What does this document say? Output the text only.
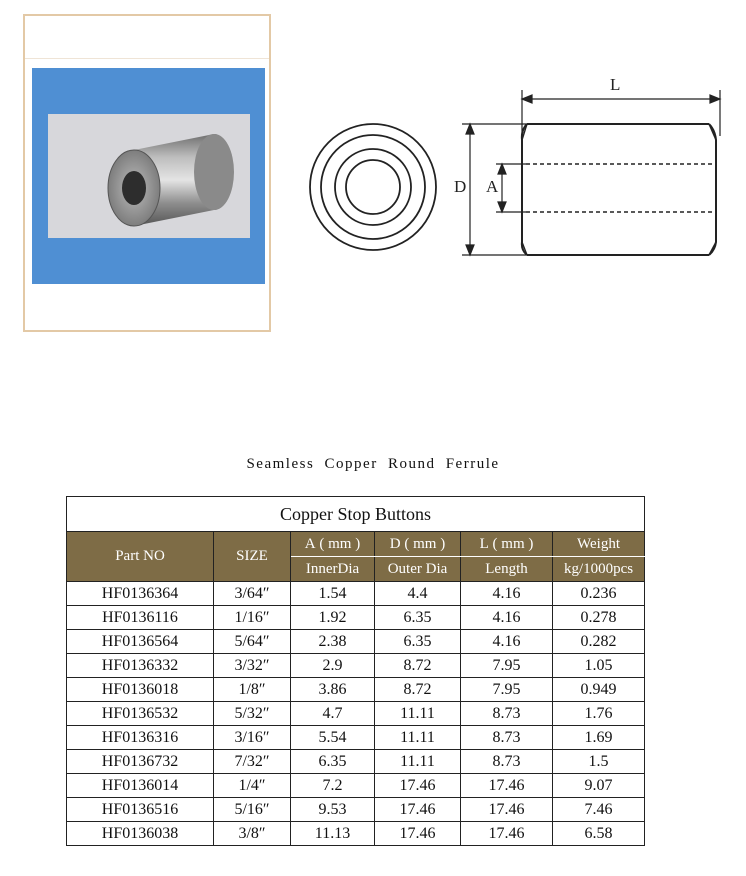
L
D A
Seamless Copper Round Ferrule
Copper Stop Buttons					
Part NO	SIZE	A ( mm )	D ( mm )	L ( mm )	Weight
		InnerDia	Outer Dia	Length	kg/1000pcs
HF0136364	3/64″	1.54	4.4	4.16	0.236
HF0136116	1/16″	1.92	6.35	4.16	0.278
HF0136564	5/64″	2.38	6.35	4.16	0.282
HF0136332	3/32″	2.9	8.72	7.95	1.05
HF0136018	1/8″	3.86	8.72	7.95	0.949
HF0136532	5/32″	4.7	11.11	8.73	1.76
HF0136316	3/16″	5.54	11.11	8.73	1.69
HF0136732	7/32″	6.35	11.11	8.73	1.5
HF0136014	1/4″	7.2	17.46	17.46	9.07
HF0136516	5/16″	9.53	17.46	17.46	7.46
HF0136038	3/8″	11.13	17.46	17.46	6.58
